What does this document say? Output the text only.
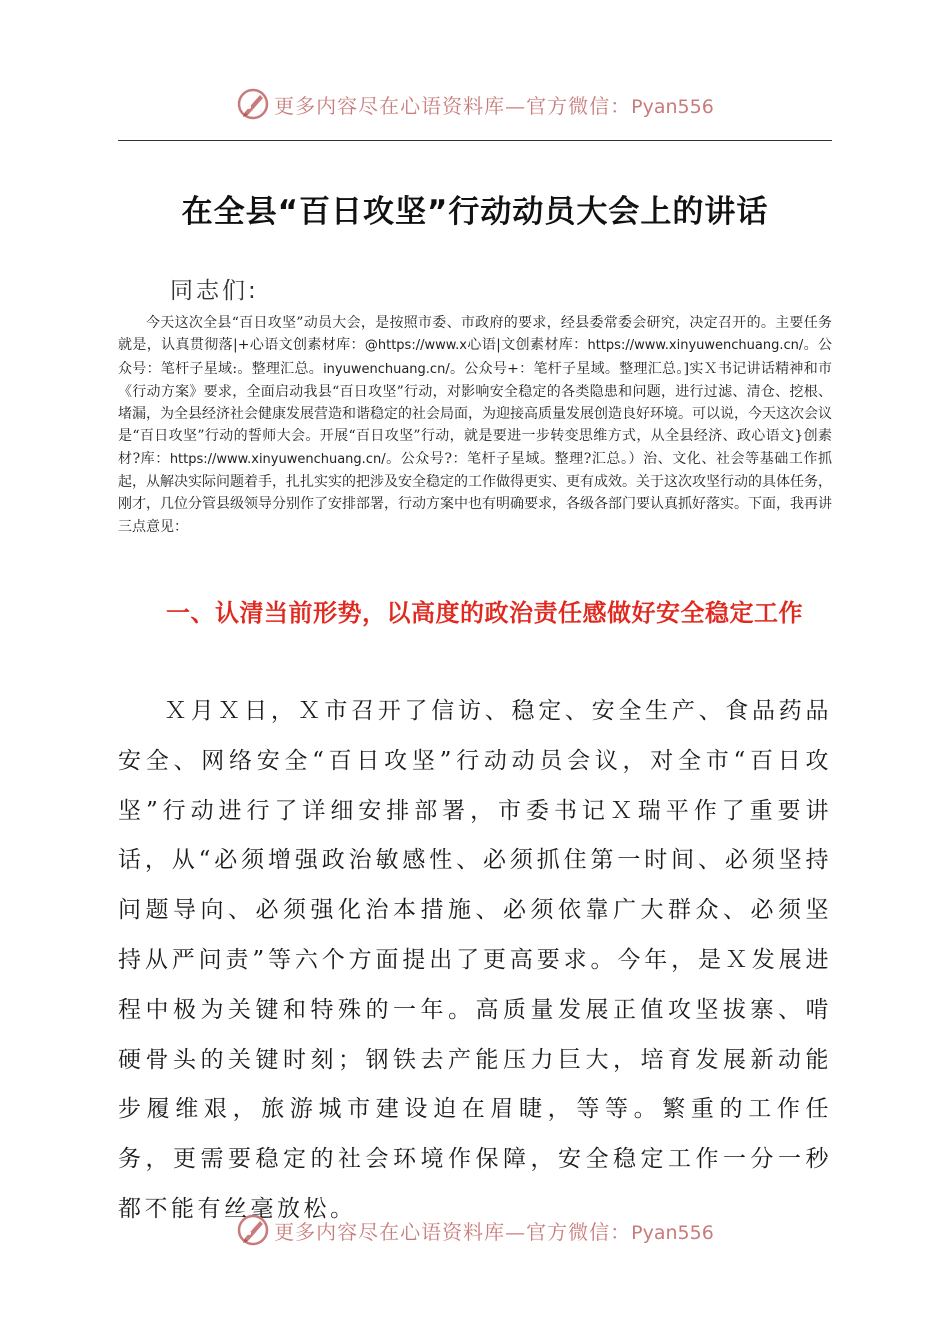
更多内容尽在心语资料库—官方微信：Pyan556
在全县“百日攻坚”行动动员大会上的讲话

同志们:

今天这次全县“百日攻坚”动员大会，是按照市委、市政府的要求，经县委常委会研究，决定召开的。主要任务就是，认真贯彻落|+心语文创素材库：@https://www.x心语|文创素材库：https://www.xinyuwenchuang.cn/。公众号：笔杆子星域:。整理汇总。inyuwenchuang.cn/。公众号+：笔杆子星域。整理汇总。]实Ｘ书记讲话精神和市《行动方案》要求，全面启动我县“百日攻坚”行动，对影响安全稳定的各类隐患和问题，进行过滤、清仓、挖根、堵漏，为全县经济社会健康发展营造和谐稳定的社会局面，为迎接高质量发展创造良好环境。可以说，今天这次会议是“百日攻坚”行动的誓师大会。开展“百日攻坚”行动，就是要进一步转变思维方式，从全县经济、政心语文}创素材?库：https://www.xinyuwenchuang.cn/。公众号?：笔杆子星域。整理?汇总。）治、文化、社会等基础工作抓起，从解决实际问题着手，扎扎实实的把涉及安全稳定的工作做得更实、更有成效。关于这次攻坚行动的具体任务，刚才，几位分管县级领导分别作了安排部署，行动方案中也有明确要求，各级各部门要认真抓好落实。下面，我再讲三点意见：

一、认清当前形势，以高度的政治责任感做好安全稳定工作

Ｘ月Ｘ日，Ｘ市召开了信访、稳定、安全生产、食品药品安全、网络安全“百日攻坚”行动动员会议，对全市“百日攻坚”行动进行了详细安排部署，市委书记Ｘ瑞平作了重要讲话，从“必须增强政治敏感性、必须抓住第一时间、必须坚持问题导向、必须强化治本措施、必须依靠广大群众、必须坚持从严问责”等六个方面提出了更高要求。今年，是Ｘ发展进程中极为关键和特殊的一年。高质量发展正值攻坚拔寨、啃硬骨头的关键时刻；钢铁去产能压力巨大，培育发展新动能步履维艰，旅游城市建设迫在眉睫，等等。繁重的工作任务，更需要稳定的社会环境作保障，安全稳定工作一分一秒都不能有丝毫放松。

更多内容尽在心语资料库—官方微信：Pyan556
